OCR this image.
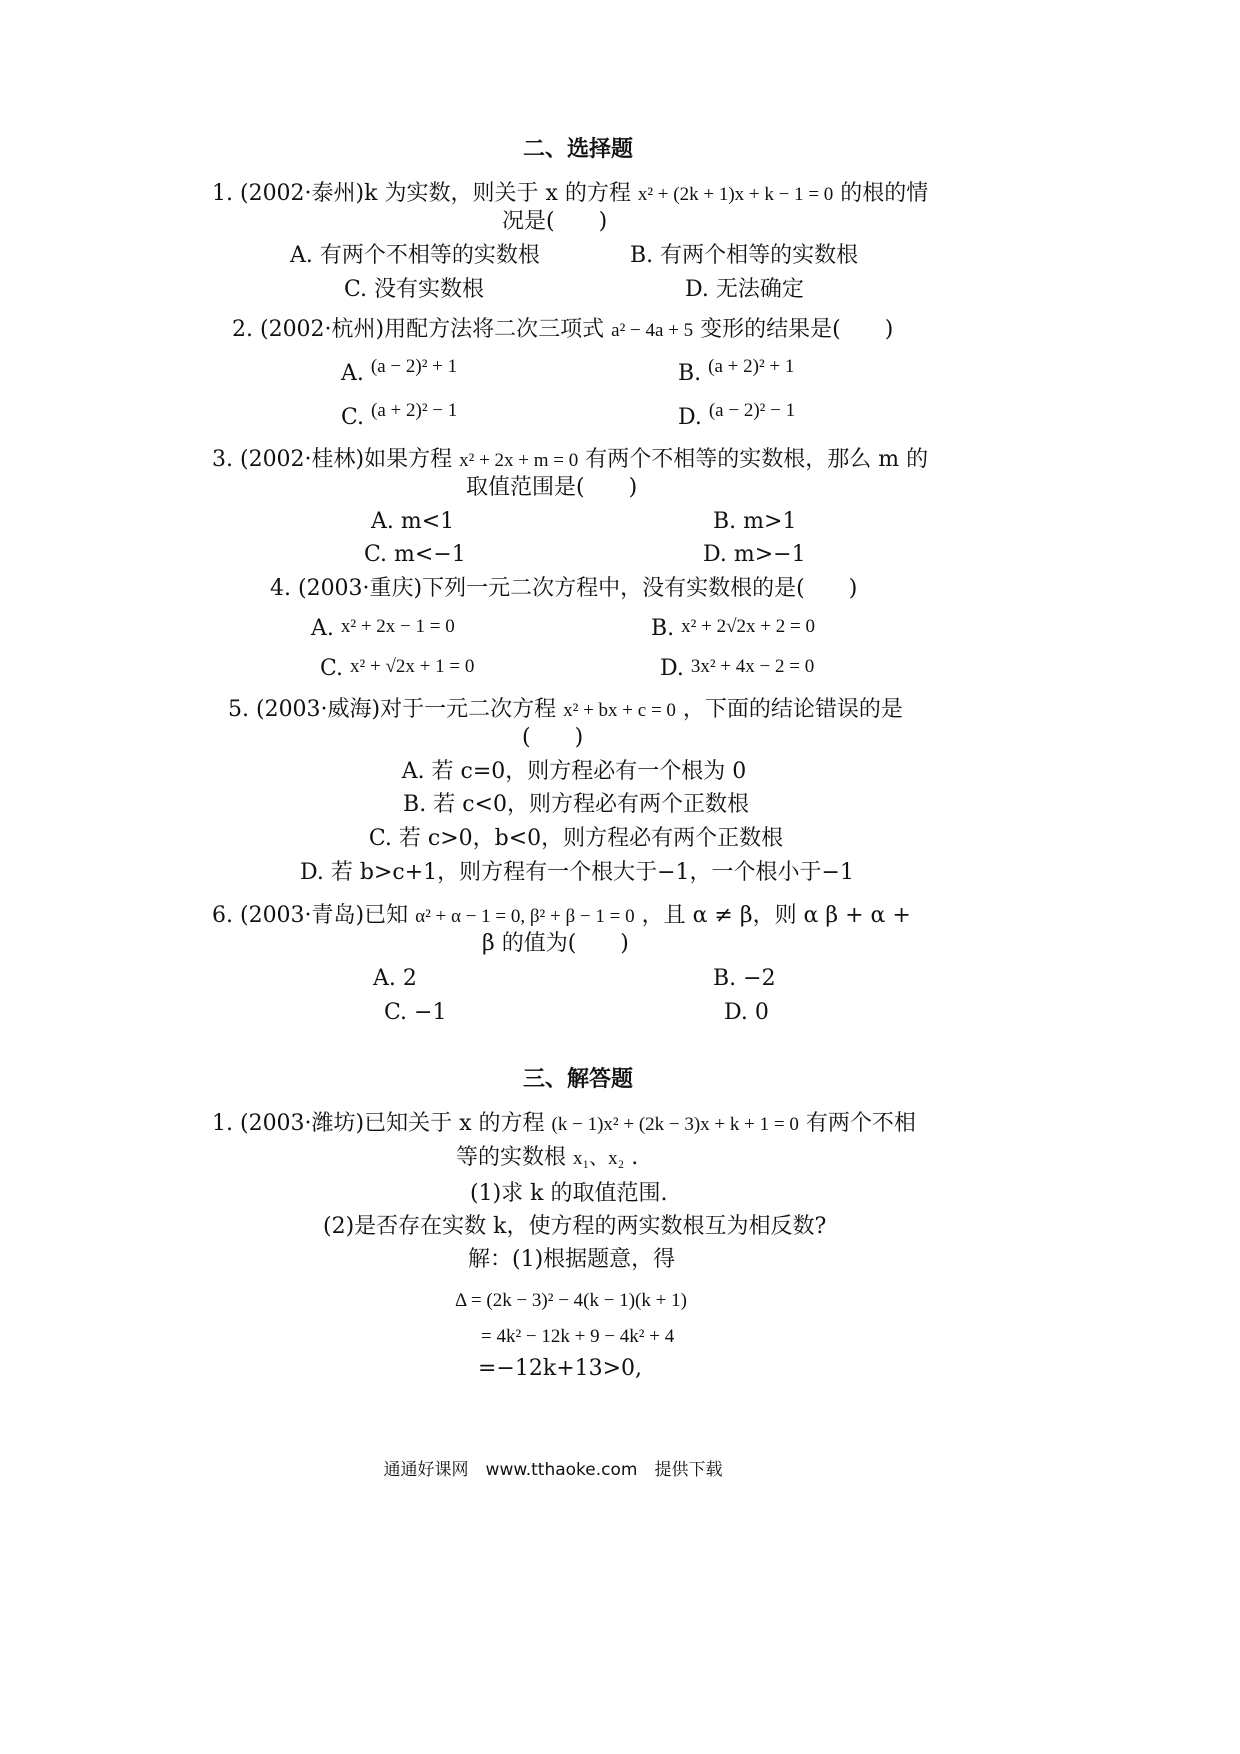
二、选择题
1. (2002·泰州)k 为实数，则关于 x 的方程 x² + (2k + 1)x + k − 1 = 0 的根的情
况是(　　)
A. 有两个不相等的实数根	B. 有两个相等的实数根
C. 没有实数根	D. 无法确定
2. (2002·杭州)用配方法将二次三项式 a² − 4a + 5 变形的结果是(　　)
A. (a − 2)² + 1	B. (a + 2)² + 1
C. (a + 2)² − 1	D. (a − 2)² − 1
3. (2002·桂林)如果方程 x² + 2x + m = 0 有两个不相等的实数根，那么 m 的
取值范围是(　　)
A. m<1	B. m>1
C. m<−1	D. m>−1
4. (2003·重庆)下列一元二次方程中，没有实数根的是(　　)
A. x² + 2x − 1 = 0	B. x² + 2√2x + 2 = 0
C. x² + √2x + 1 = 0	D. 3x² + 4x − 2 = 0
5. (2003·威海)对于一元二次方程 x² + bx + c = 0 ，下面的结论错误的是
(　　)
A. 若 c=0，则方程必有一个根为 0
B. 若 c<0，则方程必有两个正数根
C. 若 c>0，b<0，则方程必有两个正数根
D. 若 b>c+1，则方程有一个根大于−1，一个根小于−1
6. (2003·青岛)已知 α² + α − 1 = 0, β² + β − 1 = 0 ，且 α ≠ β，则 α β + α +
β 的值为(　　)
A. 2	B. −2
C. −1	D. 0
三、解答题
1. (2003·潍坊)已知关于 x 的方程 (k − 1)x² + (2k − 3)x + k + 1 = 0 有两个不相
等的实数根 x₁、x₂ .
(1)求 k 的取值范围.
(2)是否存在实数 k，使方程的两实数根互为相反数?
解：(1)根据题意，得
Δ = (2k − 3)² − 4(k − 1)(k + 1)
= 4k² − 12k + 9 − 4k² + 4
=−12k+13>0,
通通好课网　www.tthaoke.com　提供下载
